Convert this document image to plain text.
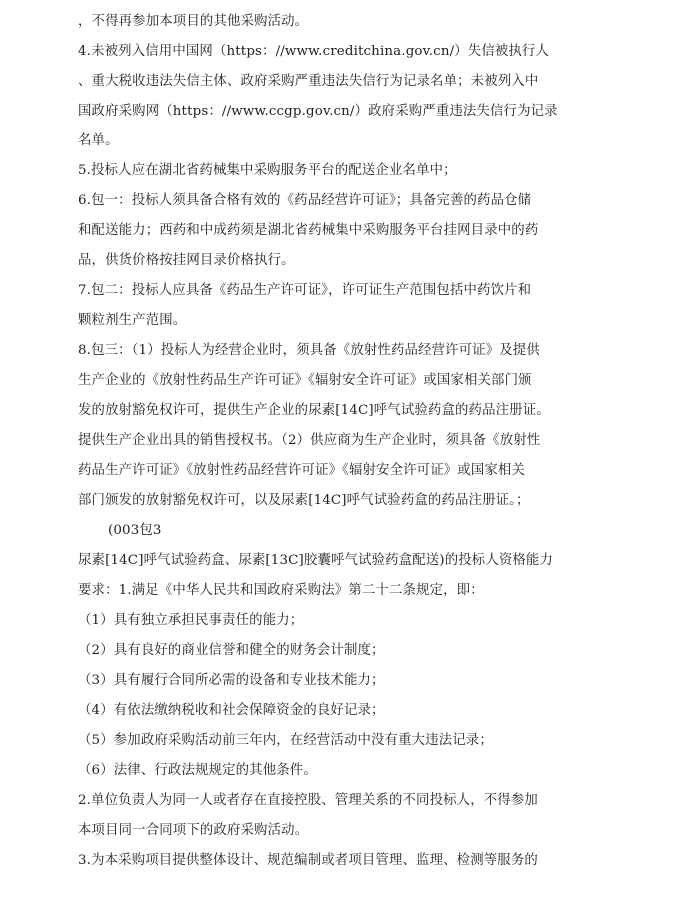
，不得再参加本项目的其他采购活动。
4.未被列入信用中国网（https：//www.creditchina.gov.cn/）失信被执行人
、重大税收违法失信主体、政府采购严重违法失信行为记录名单；未被列入中
国政府采购网（https：//www.ccgp.gov.cn/）政府采购严重违法失信行为记录
名单。
5.投标人应在湖北省药械集中采购服务平台的配送企业名单中；
6.包一：投标人须具备合格有效的《药品经营许可证》；具备完善的药品仓储
和配送能力；西药和中成药须是湖北省药械集中采购服务平台挂网目录中的药
品，供货价格按挂网目录价格执行。
7.包二：投标人应具备《药品生产许可证》，许可证生产范围包括中药饮片和
颗粒剂生产范围。
8.包三：（1）投标人为经营企业时，须具备《放射性药品经营许可证》及提供
生产企业的《放射性药品生产许可证》《辐射安全许可证》或国家相关部门颁
发的放射豁免权许可，提供生产企业的尿素[14C]呼气试验药盒的药品注册证。
提供生产企业出具的销售授权书。（2）供应商为生产企业时，须具备《放射性
药品生产许可证》《放射性药品经营许可证》《辐射安全许可证》或国家相关
部门颁发的放射豁免权许可，以及尿素[14C]呼气试验药盒的药品注册证。；
(003包3
尿素[14C]呼气试验药盒、尿素[13C]胶囊呼气试验药盒配送)的投标人资格能力
要求：1.满足《中华人民共和国政府采购法》第二十二条规定，即：
（1）具有独立承担民事责任的能力；
（2）具有良好的商业信誉和健全的财务会计制度；
（3）具有履行合同所必需的设备和专业技术能力；
（4）有依法缴纳税收和社会保障资金的良好记录；
（5）参加政府采购活动前三年内，在经营活动中没有重大违法记录；
（6）法律、行政法规规定的其他条件。
2.单位负责人为同一人或者存在直接控股、管理关系的不同投标人，不得参加
本项目同一合同项下的政府采购活动。
3.为本采购项目提供整体设计、规范编制或者项目管理、监理、检测等服务的
